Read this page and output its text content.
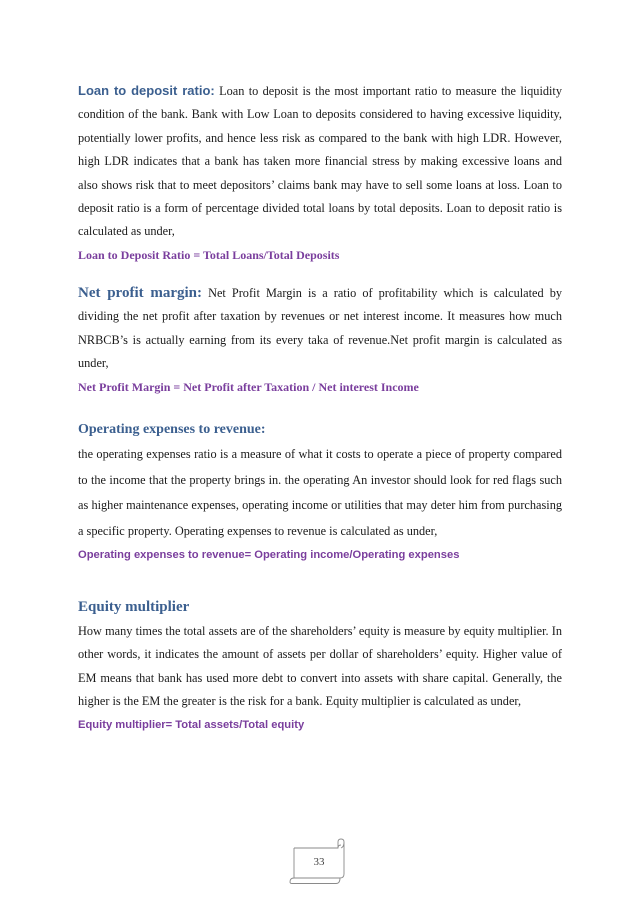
Loan to deposit ratio: Loan to deposit is the most important ratio to measure the liquidity condition of the bank. Bank with Low Loan to deposits considered to having excessive liquidity, potentially lower profits, and hence less risk as compared to the bank with high LDR. However, high LDR indicates that a bank has taken more financial stress by making excessive loans and also shows risk that to meet depositors’ claims bank may have to sell some loans at loss. Loan to deposit ratio is a form of percentage divided total loans by total deposits. Loan to deposit ratio is calculated as under,

Loan to Deposit Ratio = Total Loans/Total Deposits

Net profit margin: Net Profit Margin is a ratio of profitability which is calculated by dividing the net profit after taxation by revenues or net interest income. It measures how much NRBCB’s is actually earning from its every taka of revenue.Net profit margin is calculated as under,

Net Profit Margin = Net Profit after Taxation / Net interest Income

Operating expenses to revenue:

the operating expenses ratio is a measure of what it costs to operate a piece of property compared to the income that the property brings in. the operating An investor should look for red flags such as higher maintenance expenses, operating income or utilities that may deter him from purchasing a specific property. Operating expenses to revenue is calculated as under,

Operating expenses to revenue= Operating income/Operating expenses

Equity multiplier

How many times the total assets are of the shareholders’ equity is measure by equity multiplier. In other words, it indicates the amount of assets per dollar of shareholders’ equity. Higher value of EM means that bank has used more debt to convert into assets with share capital. Generally, the higher is the EM the greater is the risk for a bank. Equity multiplier is calculated as under,

Equity multiplier= Total assets/Total equity

33
